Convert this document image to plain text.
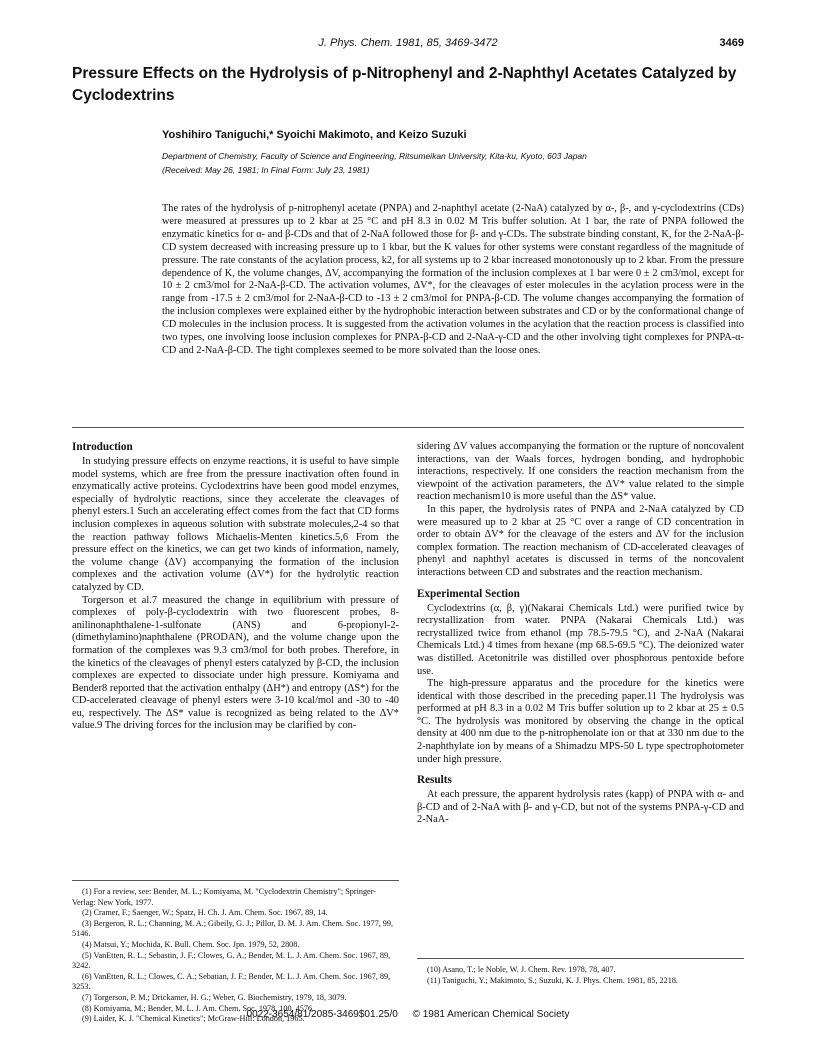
J. Phys. Chem. 1981, 85, 3469-3472	3469
Pressure Effects on the Hydrolysis of p-Nitrophenyl and 2-Naphthyl Acetates Catalyzed by Cyclodextrins
Yoshihiro Taniguchi,* Syoichi Makimoto, and Keizo Suzuki
Department of Chemistry, Faculty of Science and Engineering, Ritsumeikan University, Kita-ku, Kyoto, 603 Japan
(Received: May 26, 1981; In Final Form: July 23, 1981)

The rates of the hydrolysis of p-nitrophenyl acetate (PNPA) and 2-naphthyl acetate (2-NaA) catalyzed by α-, β-, and γ-cyclodextrins (CDs) were measured at pressures up to 2 kbar at 25 °C and pH 8.3 in 0.02 M Tris buffer solution. At 1 bar, the rate of PNPA followed the enzymatic kinetics for α- and β-CDs and that of 2-NaA followed those for β- and γ-CDs. The substrate binding constant, K, for the 2-NaA-β-CD system decreased with increasing pressure up to 1 kbar, but the K values for other systems were constant regardless of the magnitude of pressure. The rate constants of the acylation process, k2, for all systems up to 2 kbar increased monotonously up to 2 kbar. From the pressure dependence of K, the volume changes, ΔV, accompanying the formation of the inclusion complexes at 1 bar were 0 ± 2 cm3/mol, except for 10 ± 2 cm3/mol for 2-NaA-β-CD. The activation volumes, ΔV*, for the cleavages of ester molecules in the acylation process were in the range from -17.5 ± 2 cm3/mol for 2-NaA-β-CD to -13 ± 2 cm3/mol for PNPA-β-CD. The volume changes accompanying the formation of the inclusion complexes were explained either by the hydrophobic interaction between substrates and CD or by the conformational change of CD molecules in the inclusion process. It is suggested from the activation volumes in the acylation that the reaction process is classified into two types, one involving loose inclusion complexes for PNPA-β-CD and 2-NaA-γ-CD and the other involving tight complexes for PNPA-α-CD and 2-NaA-β-CD. The tight complexes seemed to be more solvated than the loose ones.

Introduction

In studying pressure effects on enzyme reactions, it is useful to have simple model systems, which are free from the pressure inactivation often found in enzymatically active proteins. Cyclodextrins have been good model enzymes, especially of hydrolytic reactions, since they accelerate the cleavages of phenyl esters.1 Such an accelerating effect comes from the fact that CD forms inclusion complexes in aqueous solution with substrate molecules,2-4 so that the reaction pathway follows Michaelis-Menten kinetics.5,6 From the pressure effect on the kinetics, we can get two kinds of information, namely, the volume change (ΔV) accompanying the formation of the inclusion complexes and the activation volume (ΔV*) for the hydrolytic reaction catalyzed by CD.

Torgerson et al.7 measured the change in equilibrium with pressure of complexes of poly-β-cyclodextrin with two fluorescent probes, 8-anilinonaphthalene-1-sulfonate (ANS) and 6-propionyl-2-(dimethylamino)naphthalene (PRODAN), and the volume change upon the formation of the complexes was 9.3 cm3/mol for both probes. Therefore, in the kinetics of the cleavages of phenyl esters catalyzed by β-CD, the inclusion complexes are expected to dissociate under high pressure. Komiyama and Bender8 reported that the activation enthalpy (ΔH*) and entropy (ΔS*) for the CD-accelerated cleavage of phenyl esters were 3-10 kcal/mol and -30 to -40 eu, respectively. The ΔS* value is recognized as being related to the ΔV* value.9 The driving forces for the inclusion may be clarified by con-

sidering ΔV values accompanying the formation or the rupture of noncovalent interactions, van der Waals forces, hydrogen bonding, and hydrophobic interactions, respectively. If one considers the reaction mechanism from the viewpoint of the activation parameters, the ΔV* value related to the simple reaction mechanism10 is more useful than the ΔS* value.

In this paper, the hydrolysis rates of PNPA and 2-NaA catalyzed by CD were measured up to 2 kbar at 25 °C over a range of CD concentration in order to obtain ΔV* for the cleavage of the esters and ΔV for the inclusion complex formation. The reaction mechanism of CD-accelerated cleavages of phenyl and naphthyl acetates is discussed in terms of the noncovalent interactions between CD and substrates and the reaction mechanism.

Experimental Section

Cyclodextrins (α, β, γ)(Nakarai Chemicals Ltd.) were purified twice by recrystallization from water. PNPA (Nakarai Chemicals Ltd.) was recrystallized twice from ethanol (mp 78.5-79.5 °C), and 2-NaA (Nakarai Chemicals Ltd.) 4 times from hexane (mp 68.5-69.5 °C). The deionized water was distilled. Acetonitrile was distilled over phosphorous pentoxide before use.

The high-pressure apparatus and the procedure for the kinetics were identical with those described in the preceding paper.11 The hydrolysis was performed at pH 8.3 in a 0.02 M Tris buffer solution up to 2 kbar at 25 ± 0.5 °C. The hydrolysis was monitored by observing the change in the optical density at 400 nm due to the p-nitrophenolate ion or that at 330 nm due to the 2-naphthylate ion by means of a Shimadzu MPS-50 L type spectrophotometer under high pressure.

Results

At each pressure, the apparent hydrolysis rates (kapp) of PNPA with α- and β-CD and of 2-NaA with β- and γ-CD, but not of the systems PNPA-γ-CD and 2-NaA-

(1) For a review, see: Bender, M. L.; Komiyama, M. "Cyclodextrin Chemistry"; Springer-Verlag: New York, 1977.
(2) Cramer, F.; Saenger, W.; Spatz, H. Ch. J. Am. Chem. Soc. 1967, 89, 14.
(3) Bergeron, R. L.; Channing, M. A.; Gibeily, G. J.; Pillor, D. M. J. Am. Chem. Soc. 1977, 99, 5146.
(4) Matsui, Y.; Mochida, K. Bull. Chem. Soc. Jpn. 1979, 52, 2808.
(5) VanEtten, R. L.; Sebastin, J. F.; Clowes, G. A.; Bender, M. L. J. Am. Chem. Soc. 1967, 89, 3242.
(6) VanEtten, R. L.; Clowes, C. A.; Sebatian, J. F.; Bender, M. L. J. Am. Chem. Soc. 1967, 89, 3253.
(7) Torgerson, P. M.; Drickamer, H. G.; Weber, G. Biochemistry, 1979, 18, 3079.
(8) Komiyama, M.; Bender, M. L. J. Am. Chem. Soc. 1978, 100, 4576.
(9) Laider, K. J. "Chemical Kinetics"; McGraw-Hill: London, 1965.
(10) Asano, T.; le Noble, W. J. Chem. Rev. 1978, 78, 407.
(11) Taniguchi, Y.; Makimoto, S.; Suzuki, K. J. Phys. Chem. 1981, 85, 2218.
0022-3654/81/2085-3469$01.25/0 © 1981 American Chemical Society
